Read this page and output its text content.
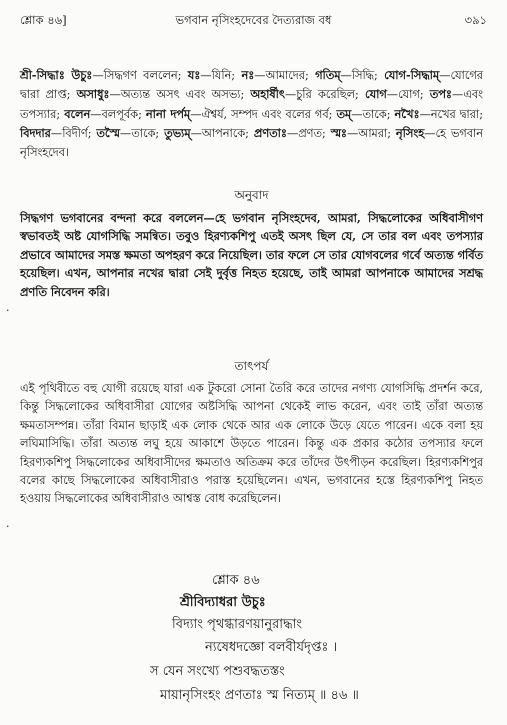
শ্লোক ৪৬]	ভগবান নৃসিংহদেবের দৈত্যরাজ বধ	৩৯১
শ্রী-সিদ্ধাঃ উচুঃ—সিদ্ধগণ বললেন; যঃ—যিনি; নঃ—আমাদের; গতিম্—সিদ্ধি; যোগ-সিদ্ধাম্—যোগের দ্বারা প্রাপ্ত; অসাধুঃ—অত্যন্ত অসৎ এবং অসভ্য; অহার্ষীৎ—চুরি করেছিল; যোগ—যোগ; তপঃ—এবং তপস্যার; বলেন—বলপূর্বক; নানা দর্পম্—ঐশ্বর্য, সম্পদ এবং বলের গর্ব; তম্—তাকে; নখৈঃ—নখের দ্বারা; বিদদার—বিদীর্ণ; তস্মৈ—তাকে; তুভ্যম্—আপনাকে; প্রণতাঃ—প্রণত; স্মঃ—আমরা; নৃসিংহ—হে ভগবান নৃসিংহদেব।
অনুবাদ
সিদ্ধগণ ভগবানের বন্দনা করে বললেন—হে ভগবান নৃসিংহদেব, আমরা, সিদ্ধলোকের অধিবাসীগণ স্বভাবতই অষ্ট যোগসিদ্ধি সমন্বিত। তবুও হিরণ্যকশিপু এতই অসৎ ছিল যে, সে তার বল এবং তপস্যার প্রভাবে আমাদের সমস্ত ক্ষমতা অপহরণ করে নিয়েছিল। তার ফলে সে তার যোগবলের গর্বে অত্যন্ত গর্বিত হয়েছিল। এখন, আপনার নখের দ্বারা সেই দুর্বৃত্ত নিহত হয়েছে, তাই আমরা আপনাকে আমাদের সশ্রদ্ধ প্রণতি নিবেদন করি।
তাৎপর্য
এই পৃথিবীতে বহু যোগী রয়েছে যারা এক টুকরো সোনা তৈরি করে তাদের নগণ্য যোগসিদ্ধি প্রদর্শন করে, কিন্তু সিদ্ধলোকের অধিবাসীরা যোগের অষ্টসিদ্ধি আপনা থেকেই লাভ করেন, এবং তাই তাঁরা অত্যন্ত ক্ষমতাসম্পন্ন। তাঁরা বিমান ছাড়াই এক লোক থেকে আর এক লোকে উড়ে যেতে পারেন। একে বলা হয় লঘিমাসিদ্ধি। তাঁরা অত্যন্ত লঘু হয়ে আকাশে উড়তে পারেন। কিন্তু এক প্রকার কঠোর তপস্যার ফলে হিরণ্যকশিপু সিদ্ধলোকের অধিবাসীদের ক্ষমতাও অতিক্রম করে তাঁদের উৎপীড়ন করেছিল। হিরণ্যকশিপুর বলের কাছে সিদ্ধলোকের অধিবাসীরাও পরাস্ত হয়েছিলেন। এখন, ভগবানের হস্তে হিরণ্যকশিপু নিহত হওয়ায় সিদ্ধলোকের অধিবাসীরাও আশ্বস্ত বোধ করেছিলেন।
শ্লোক ৪৬
শ্রীবিদ্যাধরা উচুঃ
বিদ্যাং পৃথগ্ধারণয়ানুরাদ্ধাং
ন্যষেধদজ্ঞো বলবীর্যদৃপ্তঃ ।
স যেন সংখ্যে পশুবদ্ধতস্তং
মায়ানৃসিংহং প্রণতাঃ স্ম নিত্যম্ ॥ ৪৬ ॥
·
·
